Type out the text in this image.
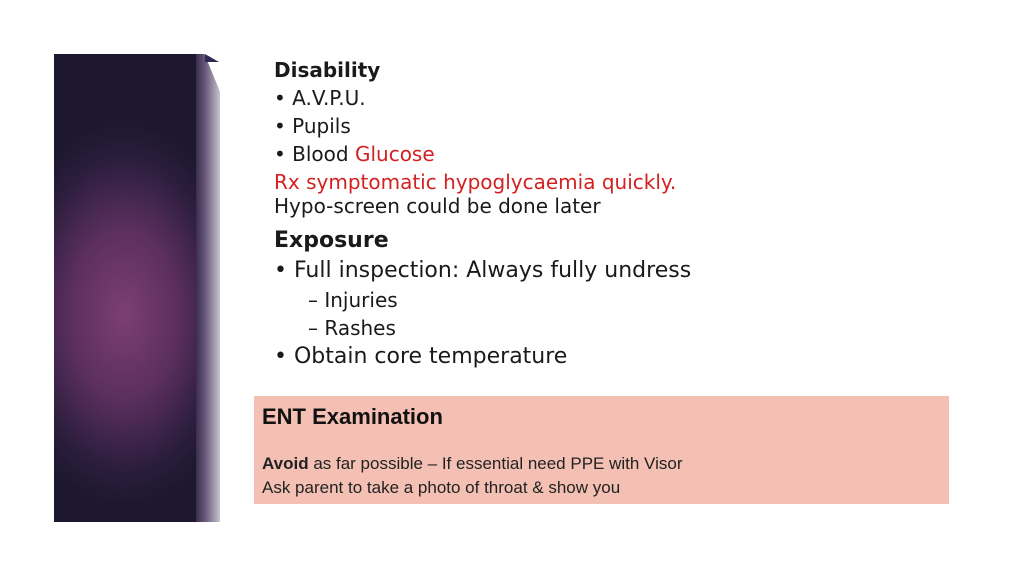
Disability
• A.V.P.U.
• Pupils
• Blood Glucose
Rx symptomatic hypoglycaemia quickly.
Hypo-screen could be done later
Exposure
• Full inspection: Always fully undress
– Injuries
– Rashes
• Obtain core temperature
ENT Examination
Avoid as far possible – If essential need PPE with Visor
Ask parent to take a photo of throat & show you
